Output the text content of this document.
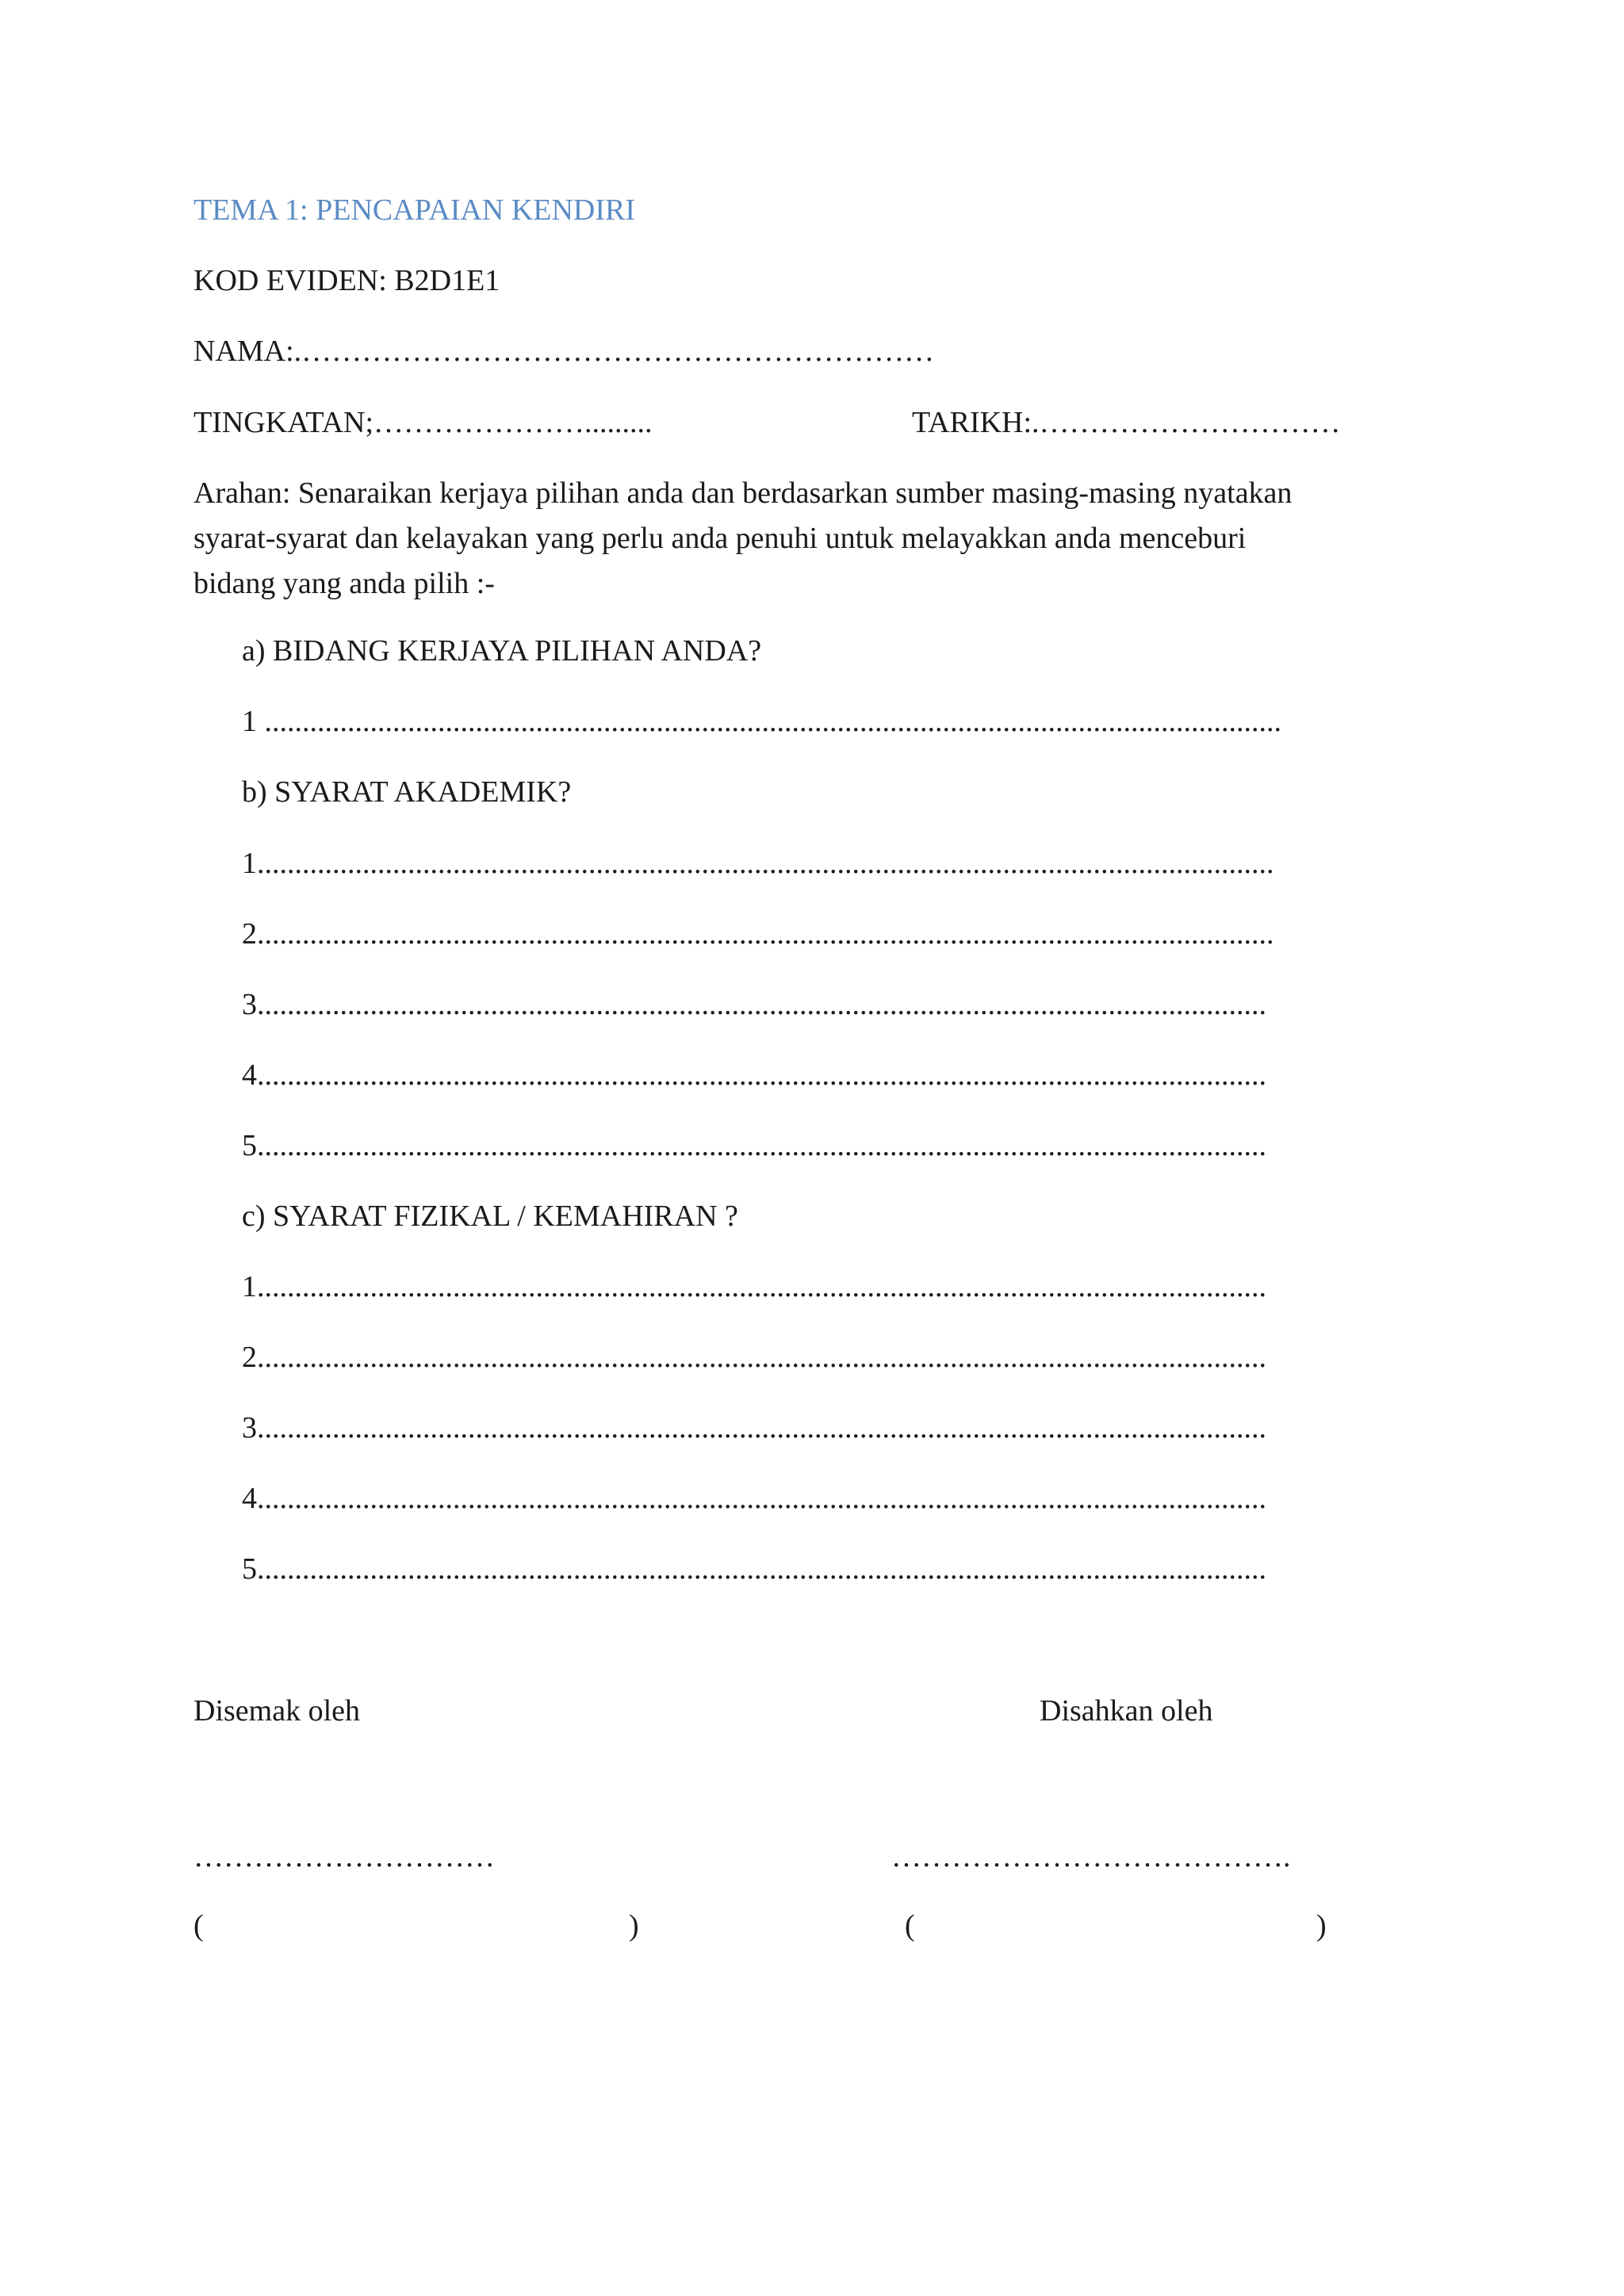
TEMA 1: PENCAPAIAN KENDIRI
KOD EVIDEN: B2D1E1
NAMA:.………………………………………………………
TINGKATAN;………………….........	TARIKH:.…………………………
Arahan: Senaraikan kerjaya pilihan anda dan berdasarkan sumber masing-masing nyatakan
syarat-syarat dan kelayakan yang perlu anda penuhi untuk melayakkan anda menceburi
bidang yang anda pilih :-
a) BIDANG KERJAYA PILIHAN ANDA?
1 .......................................................................................................................................
b) SYARAT AKADEMIK?
1.......................................................................................................................................
2.......................................................................................................................................
3......................................................................................................................................
4......................................................................................................................................
5......................................................................................................................................
c) SYARAT FIZIKAL / KEMAHIRAN ?
1......................................................................................................................................
2......................................................................................................................................
3......................................................................................................................................
4......................................................................................................................................
5......................................................................................................................................
Disemak oleh	Disahkan oleh
…………………………	………………………………….
(	)	(	)
